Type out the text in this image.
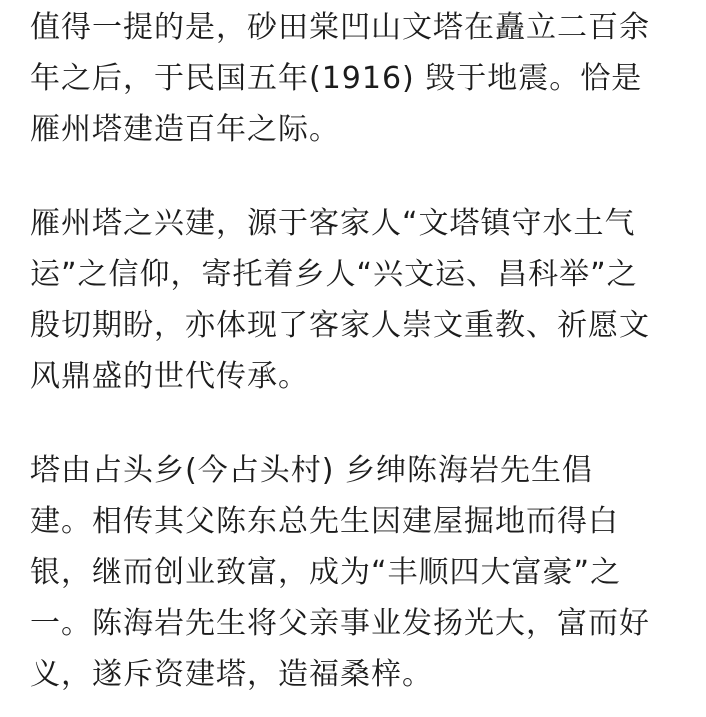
值得一提的是，砂田棠凹山文塔在矗立二百余
年之后，于民国五年(1916) 毁于地震。恰是
雁州塔建造百年之际。
雁州塔之兴建，源于客家人“文塔镇守水土气
运”之信仰，寄托着乡人“兴文运、昌科举”之
殷切期盼，亦体现了客家人崇文重教、祈愿文
风鼎盛的世代传承。
塔由占头乡(今占头村) 乡绅陈海岩先生倡
建。相传其父陈东总先生因建屋掘地而得白
银，继而创业致富，成为“丰顺四大富豪”之
一。陈海岩先生将父亲事业发扬光大，富而好
义，遂斥资建塔，造福桑梓。
